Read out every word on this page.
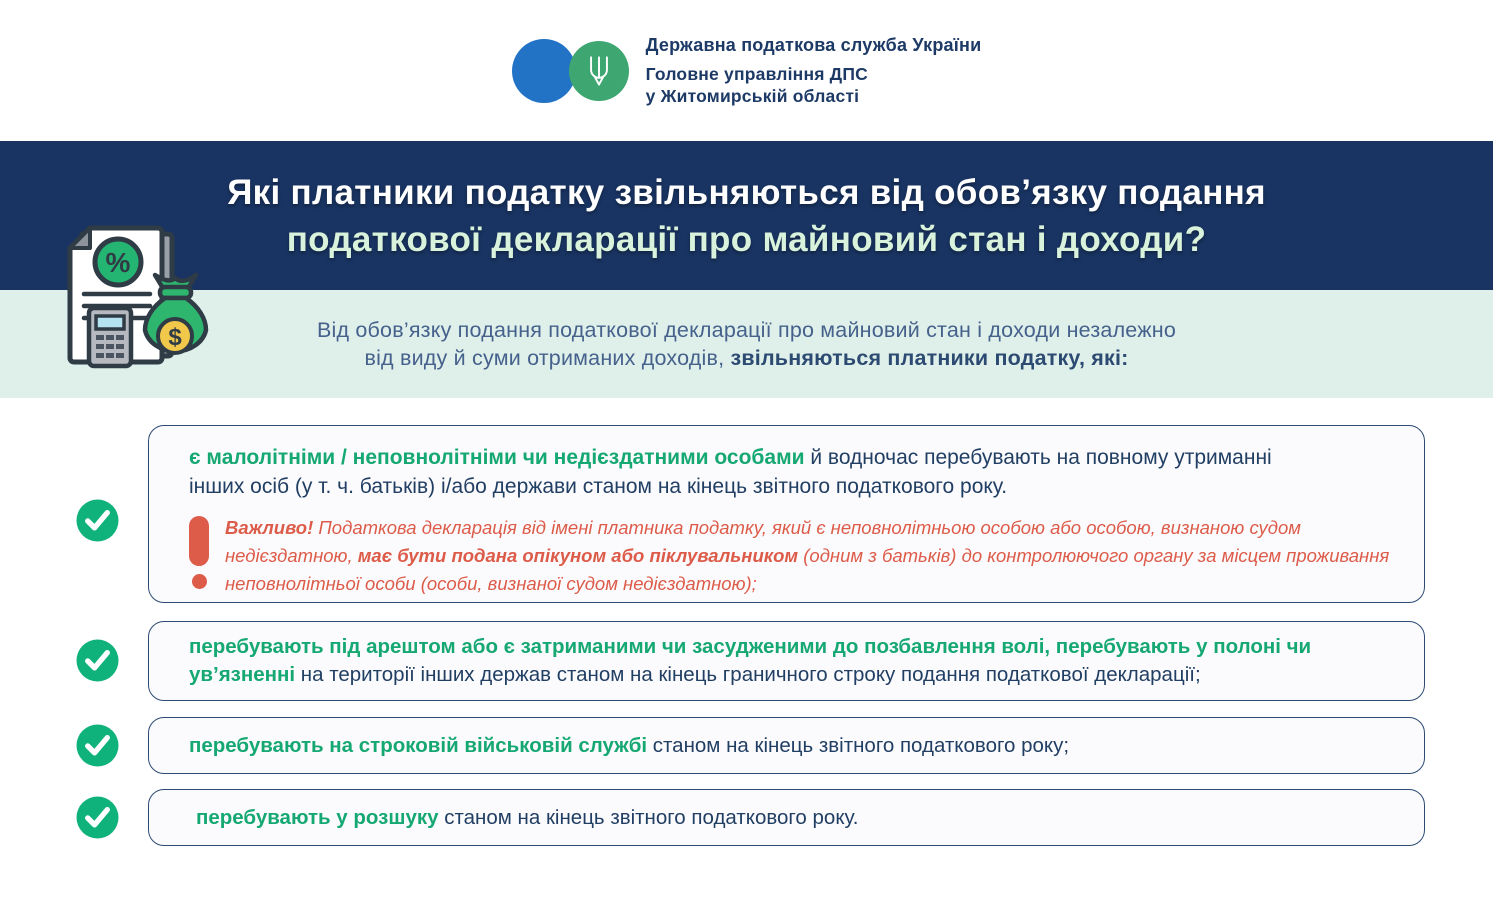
Державна податкова служба України
Головне управління ДПС
у Житомирській області
Які платники податку звільняються від обов’язку подання
податкової декларації про майновий стан і доходи?
Від обов’язку подання податкової декларації про майновий стан і доходи незалежно
від виду й суми отриманих доходів, звільняються платники податку, які:
%
$

є малолітніми / неповнолітніми чи недієздатними особами й водночас перебувають на повному утриманні інших осіб (у т. ч. батьків) і/або держави станом на кінець звітного податкового року.

Важливо! Податкова декларація від імені платника податку, який є неповнолітньою особою або особою, визнаною судом недієздатною, має бути подана опікуном або піклувальником (одним з батьків) до контролюючого органу за місцем проживання неповнолітньої особи (особи, визнаної судом недієздатною);

перебувають під арештом або є затриманими чи засудженими до позбавлення волі, перебувають у полоні чи ув’язненні на території інших держав станом на кінець граничного строку подання податкової декларації;

перебувають на строковій військовій службі станом на кінець звітного податкового року;

перебувають у розшуку станом на кінець звітного податкового року.
